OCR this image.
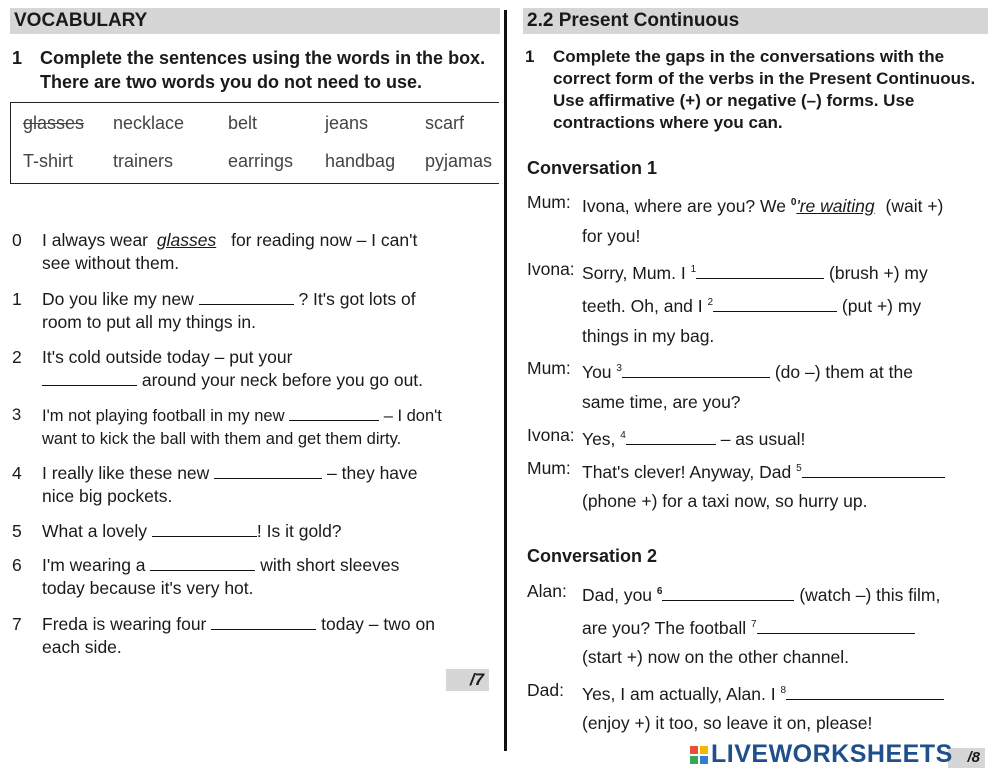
VOCABULARY
1 Complete the sentences using the words in the box. There are two words you do not need to use.
glasses necklace belt	jeans	scarf
T-shirt trainers	earrings handbag pyjamas
0	I always wear glasses for reading now – I can't
see without them.
1	Do you like my new	? It's got lots of
room to put all my things in.
2	It's cold outside today – put your
around your neck before you go out.
3	I'm not playing football in my new	– I don't
want to kick the ball with them and get them dirty.
4	I really like these new	– they have
nice big pockets.
5	What a lovely	! Is it gold?
6	I'm wearing a	with short sleeves
today because it's very hot.
7	Freda is wearing four	today – two on
each side.
/7
2.2 Present Continuous
1	Complete the gaps in the conversations with the correct form of the verbs in the Present Continuous. Use affirmative (+) or negative (–) forms. Use contractions where you can.
Conversation 1
Mum: Ivona, where are you? We $^0$'re waiting (wait +)
for you!
Ivona: Sorry, Mum. I $^1$	(brush +) my
teeth. Oh, and I $^2$	(put +) my
things in my bag.
Mum: You $^3$	(do –) them at the
same time, are you?
Ivona: Yes, $^4$	– as usual!
Mum: That's clever! Anyway, Dad $^5$
(phone +) for a taxi now, so hurry up.
Conversation 2
Alan: Dad, you $^6$	(watch –) this film,
are you? The football $^7$
(start +) now on the other channel.
Dad: Yes, I am actually, Alan. I $^8$
(enjoy +) it too, so leave it on, please!
/8
LIVEWORKSHEETS
